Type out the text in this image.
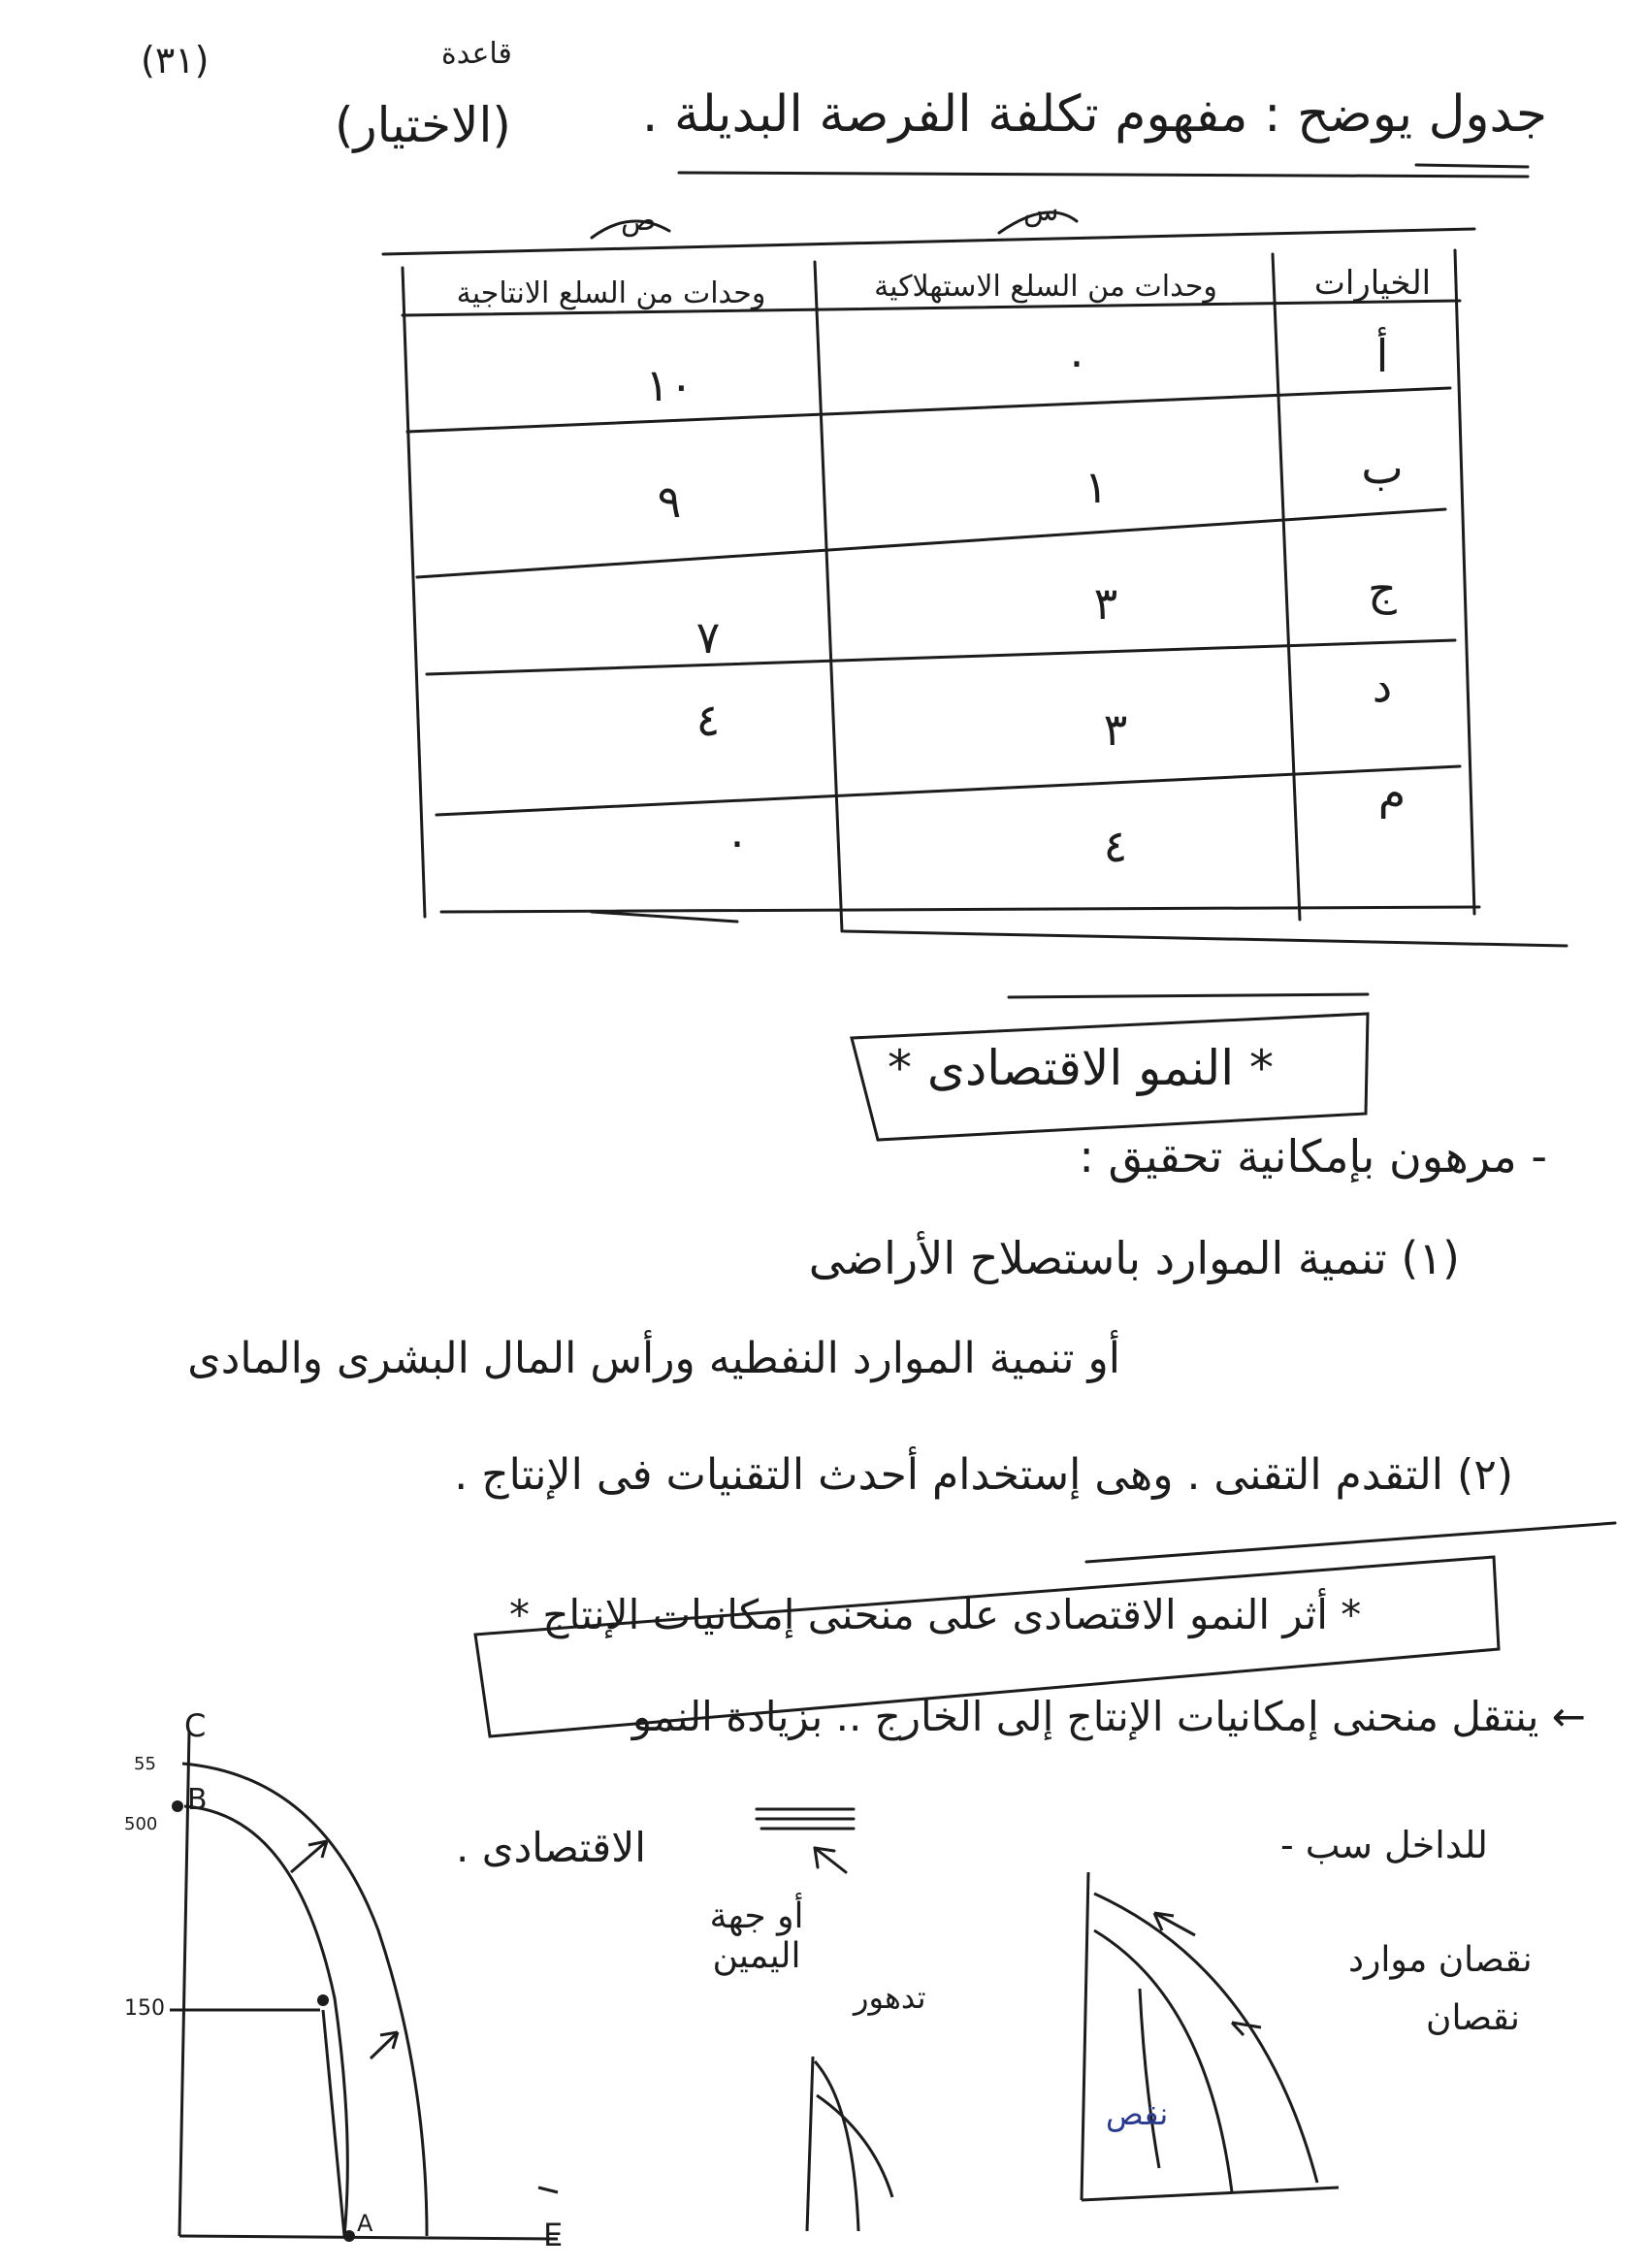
(٣١)	قاعدة
جدول يوضح : مفهوم تكلفة الفرصة البديلة .
(الاختيار)
س
ص
الخيارات
وحدات من السلع الاستهلاكية
وحدات من السلع الانتاجية
أ
٠
١٠
ب
١
٩
ج
٣
٧
د
٣
٤
م
٤
٠
* النمو الاقتصادى *
- مرهون بإمكانية تحقيق :
(١) تنمية الموارد باستصلاح الأراضى
أو تنمية الموارد النفطيه ورأس المال البشرى والمادى
(٢) التقدم التقنى . وهى إستخدام أحدث التقنيات فى الإنتاج .
* أثر النمو الاقتصادى على منحنى إمكانيات الإنتاج *
← ينتقل منحنى إمكانيات الإنتاج إلى الخارج .. بزيادة النمو
الاقتصادى .
أو جهة اليمين
للداخل سب -
نقصان موارد
نقصان
تدهور
نقص
C
E
B
A
55
500
150
